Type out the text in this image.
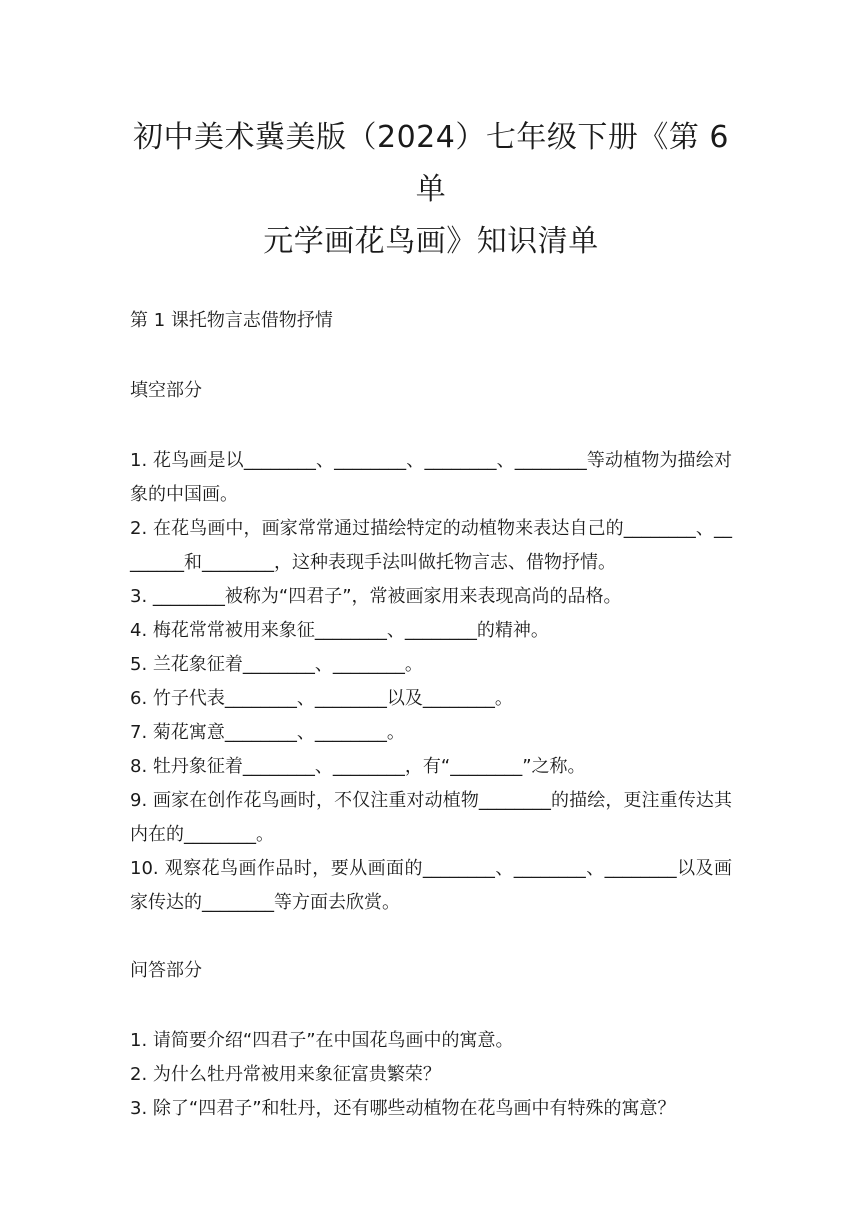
初中美术冀美版（2024）七年级下册《第 6 单
元学画花鸟画》知识清单

第 1 课托物言志借物抒情

填空部分

1. 花鸟画是以________、________、________、________等动植物为描绘对象的中国画。
2. 在花鸟画中，画家常常通过描绘特定的动植物来表达自己的________、________和________，这种表现手法叫做托物言志、借物抒情。
3. ________被称为“四君子”，常被画家用来表现高尚的品格。
4. 梅花常常被用来象征________、________的精神。
5. 兰花象征着________、________。
6. 竹子代表________、________以及________。
7. 菊花寓意________、________。
8. 牡丹象征着________、________，有“________”之称。
9. 画家在创作花鸟画时，不仅注重对动植物________的描绘，更注重传达其内在的________。
10. 观察花鸟画作品时，要从画面的________、________、________以及画家传达的________等方面去欣赏。

问答部分

1. 请简要介绍“四君子”在中国花鸟画中的寓意。
2. 为什么牡丹常被用来象征富贵繁荣？
3. 除了“四君子”和牡丹，还有哪些动植物在花鸟画中有特殊的寓意？
